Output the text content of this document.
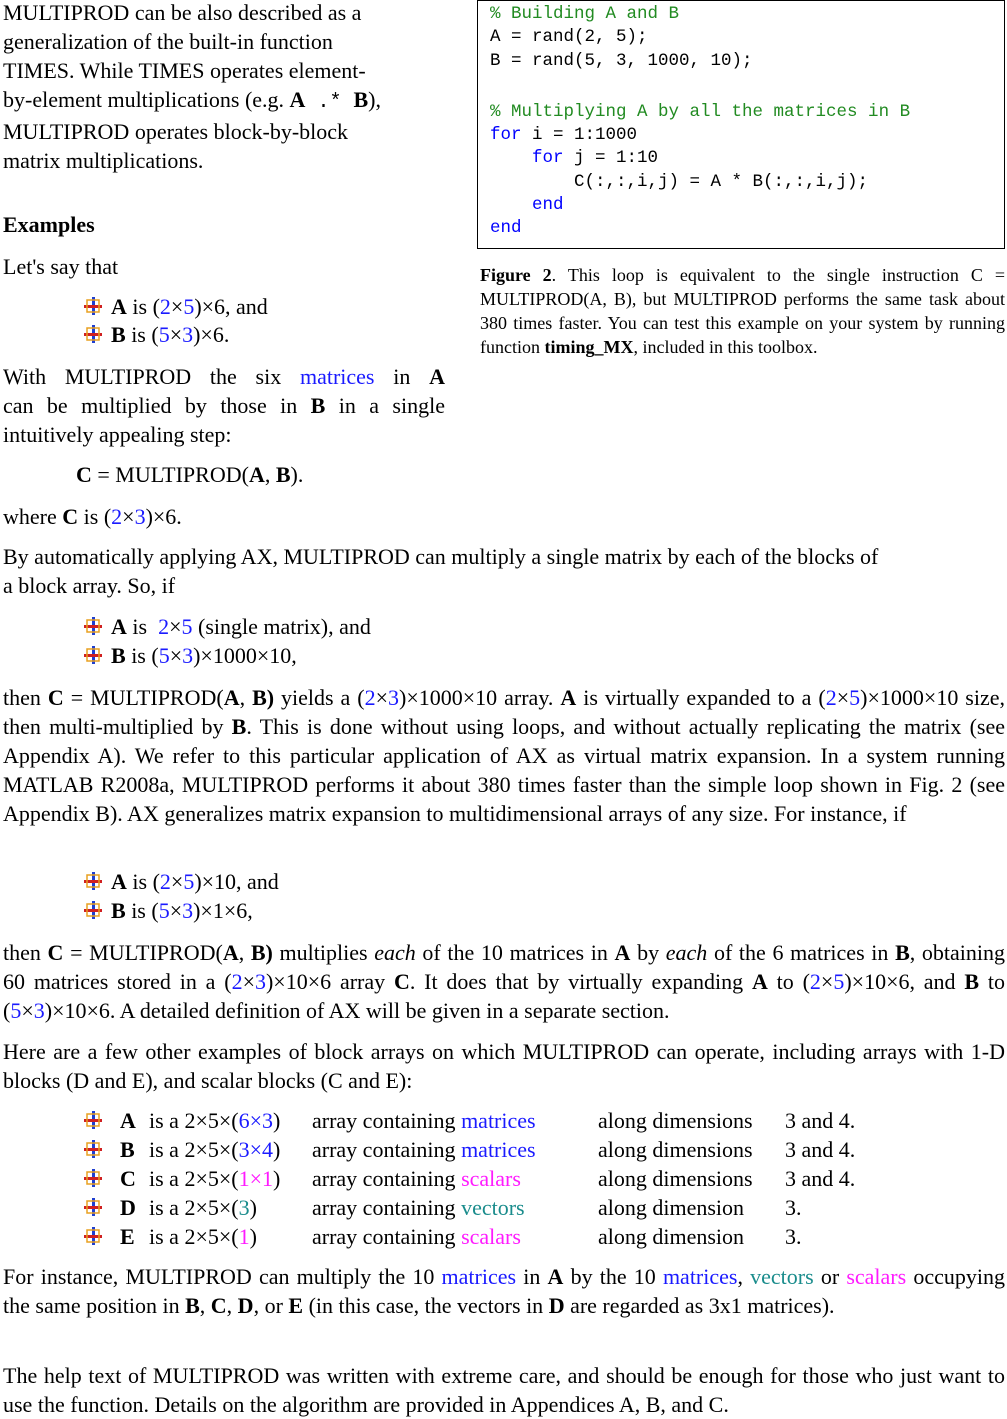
MULTIPROD can be also described as a
generalization of the built-in function
TIMES. While TIMES operates element-
by-element multiplications (e.g. A .* B),
MULTIPROD operates block-by-block
matrix multiplications.
Examples
Let's say that
A is (2×5)×6, and
B is (5×3)×6.
With MULTIPROD the six matrices in A
can be multiplied by those in B in a single
intuitively appealing step:
C = MULTIPROD(A, B).
where C is (2×3)×6.
% Building A and B
A = rand(2, 5);
B = rand(5, 3, 1000, 10);
% Multiplying A by all the matrices in B
for i = 1:1000
for j = 1:10
C(:,:,i,j) = A * B(:,:,i,j);
end
end
Figure 2. This loop is equivalent to the single instruction C = MULTIPROD(A, B), but MULTIPROD performs the same task about 380 times faster. You can test this example on your system by running function timing_MX, included in this toolbox.
By automatically applying AX, MULTIPROD can multiply a single matrix by each of the blocks of
a block array. So, if
A is  2×5 (single matrix), and
B is (5×3)×1000×10,
then C = MULTIPROD(A, B) yields a (2×3)×1000×10 array. A is virtually expanded to a (2×5)×1000×10 size, then multi-multiplied by B. This is done without using loops, and without actually replicating the matrix (see Appendix A). We refer to this particular application of AX as virtual matrix expansion. In a system running MATLAB R2008a, MULTIPROD performs it about 380 times faster than the simple loop shown in Fig. 2 (see Appendix B). AX generalizes matrix expansion to multidimensional arrays of any size. For instance, if
A is (2×5)×10, and
B is (5×3)×1×6,
then C = MULTIPROD(A, B) multiplies each of the 10 matrices in A by each of the 6 matrices in B, obtaining 60 matrices stored in a (2×3)×10×6 array C. It does that by virtually expanding A to (2×5)×10×6, and B to (5×3)×10×6. A detailed definition of AX will be given in a separate section.
Here are a few other examples of block arrays on which MULTIPROD can operate, including arrays with 1-D blocks (D and E), and scalar blocks (C and E):
A is a 2×5×(6×3) array containing matrices	along dimensions 3 and 4.
B is a 2×5×(3×4) array containing matrices	along dimensions 3 and 4.
C is a 2×5×(1×1) array containing scalars	along dimensions 3 and 4.
D is a 2×5×(3)	array containing vectors	along dimension 3.
E is a 2×5×(1)	array containing scalars	along dimension 3.
For instance, MULTIPROD can multiply the 10 matrices in A by the 10 matrices, vectors or scalars occupying the same position in B, C, D, or E (in this case, the vectors in D are regarded as 3x1 matrices).
The help text of MULTIPROD was written with extreme care, and should be enough for those who just want to use the function. Details on the algorithm are provided in Appendices A, B, and C.
